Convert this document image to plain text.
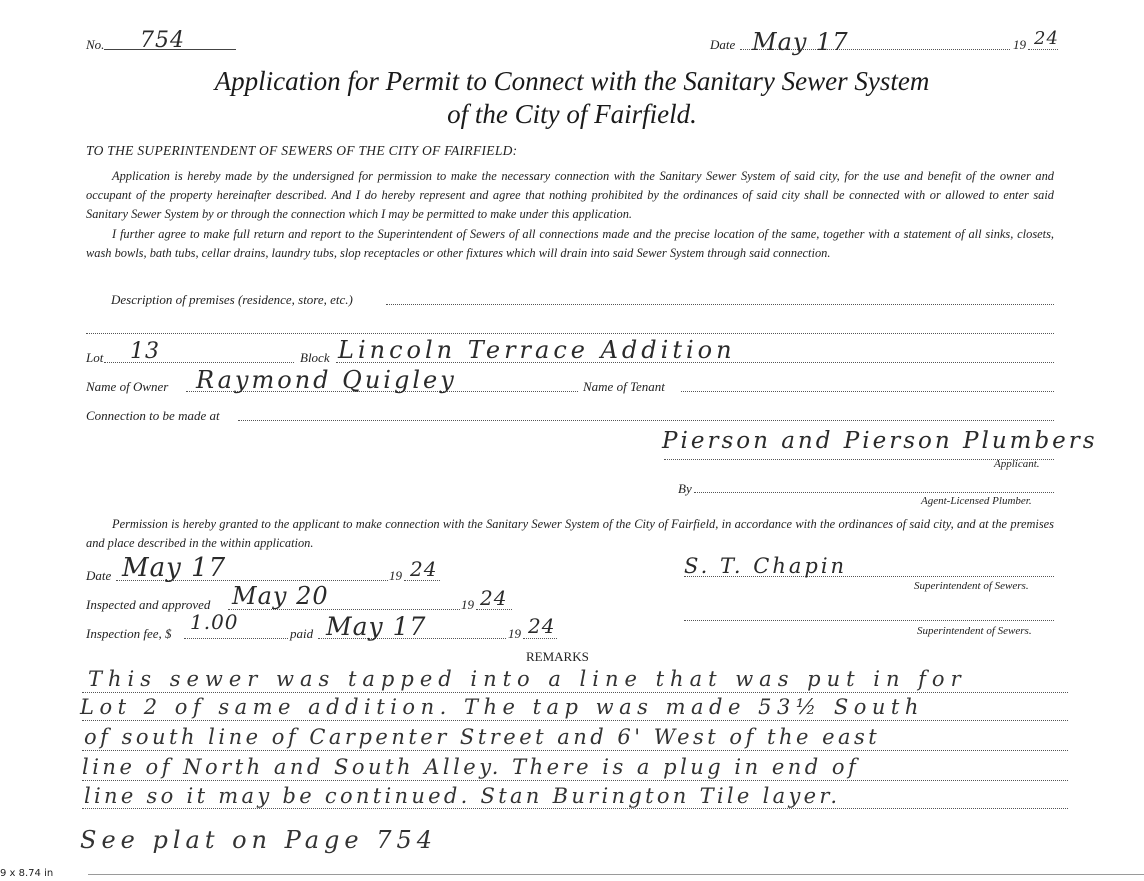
No. 754	Date May 17	19 24
Application for Permit to Connect with the Sanitary Sewer System
of the City of Fairfield.
TO THE SUPERINTENDENT OF SEWERS OF THE CITY OF FAIRFIELD:
Application is hereby made by the undersigned for permission to make the necessary connection with the Sanitary Sewer System of said city, for the use and benefit of the owner and occupant of the property hereinafter described. And I do hereby represent and agree that nothing prohibited by the ordinances of said city shall be connected with or allowed to enter said Sanitary Sewer System by or through the connection which I may be permitted to make under this application.
I further agree to make full return and report to the Superintendent of Sewers of all connections made and the precise location of the same, together with a statement of all sinks, closets, wash bowls, bath tubs, cellar drains, laundry tubs, slop receptacles or other fixtures which will drain into said Sewer System through said connection.
Description of premises (residence, store, etc.)
Lot 13	Block Lincoln Terrace Addition
Name of Owner Raymond Quigley	Name of Tenant
Connection to be made at
Pierson and Pierson Plumbers
Applicant.
By
Agent-Licensed Plumber.
Permission is hereby granted to the applicant to make connection with the Sanitary Sewer System of the City of Fairfield, in accordance with the ordinances of said city, and at the premises and place described in the within application.
Date May 17	19 24	S. T. Chapin
Superintendent of Sewers.
Inspected and approved May 20	19 24
Superintendent of Sewers.
Inspection fee, $ 1.00	paid May 17	19 24
REMARKS
This sewer was tapped into a line that was put in for
Lot 2 of same addition. The tap was made 53½ South
of south line of Carpenter Street and 6' West of the east
line of North and South Alley. There is a plug in end of
line so it may be continued. Stan Burington Tile layer.
See plat on Page 754
9 x 8.74 in
